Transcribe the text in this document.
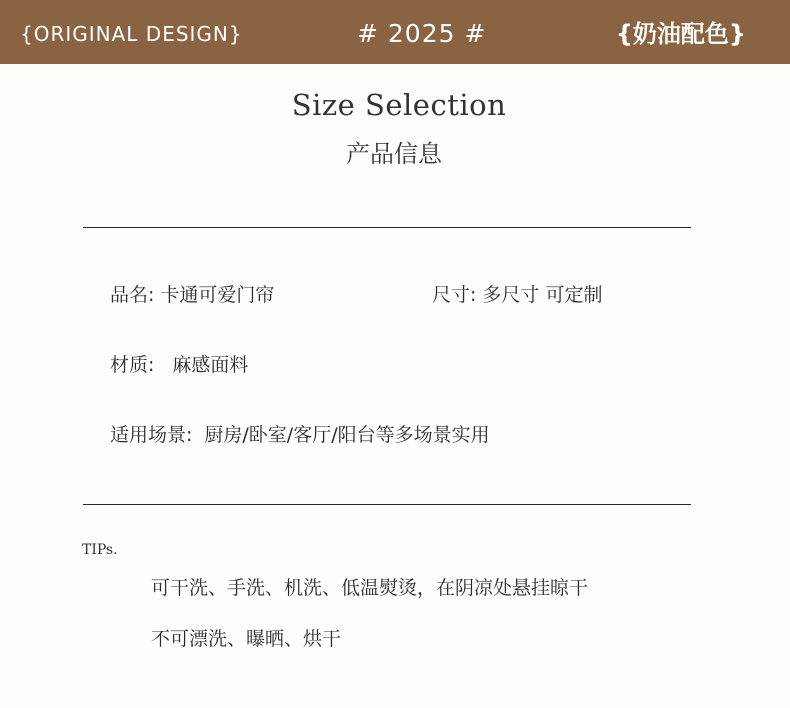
{ORIGINAL DESIGN}	# 2025 #	{奶油配色}
Size Selection
产品信息
品名: 卡通可爱门帘	尺寸: 多尺寸 可定制
材质: 麻感面料
适用场景: 厨房/卧室/客厅/阳台等多场景实用
TIPs.
可干洗、手洗、机洗、低温熨烫，在阴凉处悬挂晾干
不可漂洗、曝晒、烘干
